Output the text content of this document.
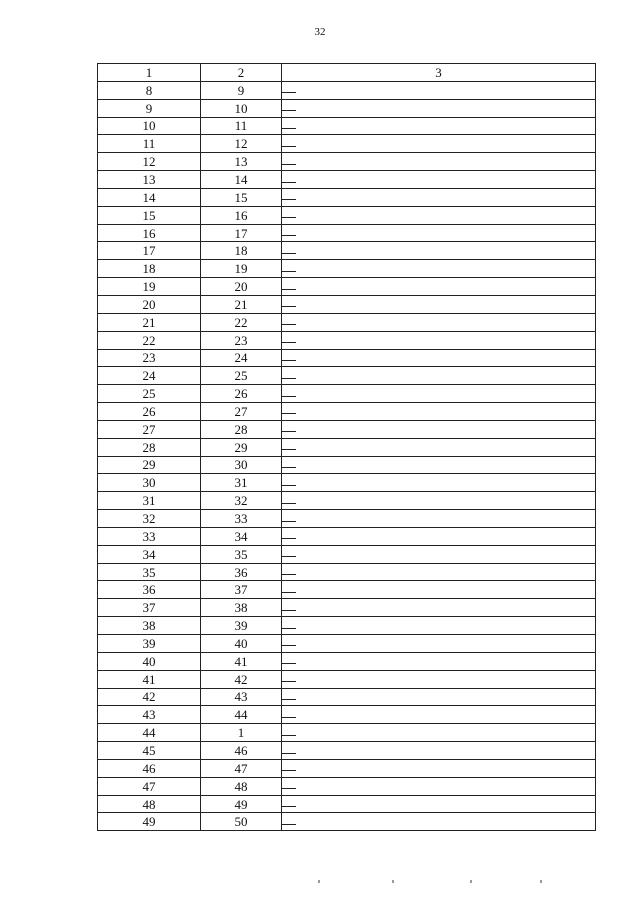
32
1	2	3
8	9	
9	10	
10	11	
11	12	
12	13	
13	14	
14	15	
15	16	
16	17	
17	18	
18	19	
19	20	
20	21	
21	22	
22	23	
23	24	
24	25	
25	26	
26	27	
27	28	
28	29	
29	30	
30	31	
31	32	
32	33	
33	34	
34	35	
35	36	
36	37	
37	38	
38	39	
39	40	
40	41	
41	42	
42	43	
43	44	
44	1	
45	46	
46	47	
47	48	
48	49	
49	50	
